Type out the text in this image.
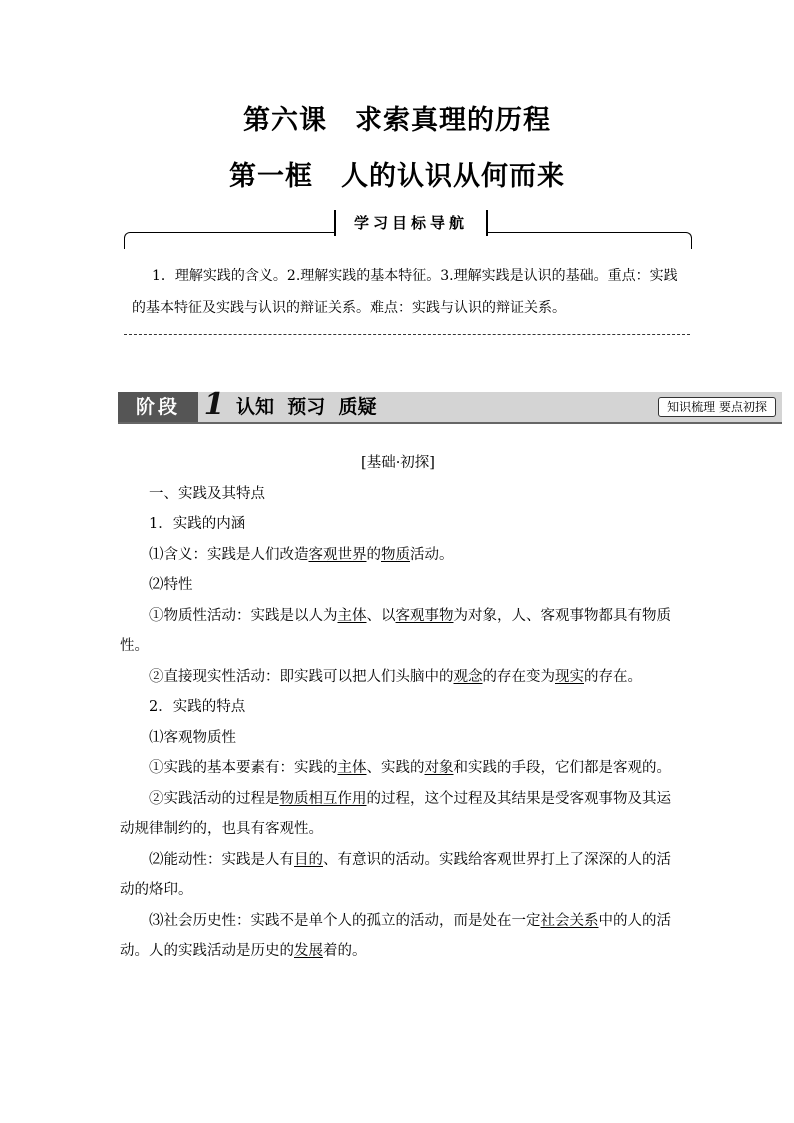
第六课　求索真理的历程
第一框　人的认识从何而来
学习目标导航
1．理解实践的含义。2.理解实践的基本特征。3.理解实践是认识的基础。重点：实践的基本特征及实践与认识的辩证关系。难点：实践与认识的辩证关系。
阶段 1 认知  预习  质疑	知识梳理 要点初探
[基础·初探]
一、实践及其特点
1．实践的内涵
⑴含义：实践是人们改造客观世界的物质活动。
⑵特性
①物质性活动：实践是以人为主体、以客观事物为对象，人、客观事物都具有物质性。
②直接现实性活动：即实践可以把人们头脑中的观念的存在变为现实的存在。
2．实践的特点
⑴客观物质性
①实践的基本要素有：实践的主体、实践的对象和实践的手段，它们都是客观的。
②实践活动的过程是物质相互作用的过程，这个过程及其结果是受客观事物及其运动规律制约的，也具有客观性。
⑵能动性：实践是人有目的、有意识的活动。实践给客观世界打上了深深的人的活动的烙印。
⑶社会历史性：实践不是单个人的孤立的活动，而是处在一定社会关系中的人的活动。人的实践活动是历史的发展着的。
